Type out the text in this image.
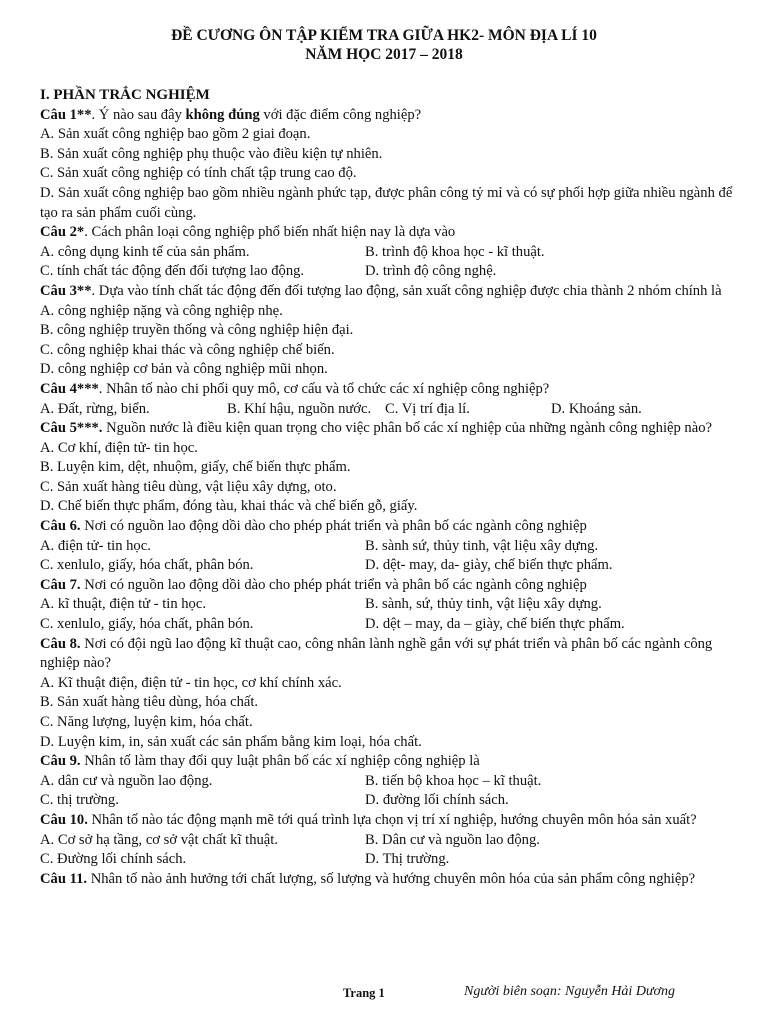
ĐỀ CƯƠNG ÔN TẬP KIỂM TRA GIỮA HK2- MÔN ĐỊA LÍ 10
NĂM HỌC 2017 – 2018
I. PHẦN TRẮC NGHIỆM
Câu 1**. Ý nào sau đây không đúng với đặc điểm công nghiệp?
A. Sản xuất công nghiệp bao gồm 2 giai đoạn.
B. Sản xuất công nghiệp phụ thuộc vào điều kiện tự nhiên.
C. Sản xuất công nghiệp có tính chất tập trung cao độ.
D. Sản xuất công nghiệp bao gồm nhiều ngành phức tạp, được phân công tỷ mỉ và có sự phối hợp giữa nhiều ngành để tạo ra sản phẩm cuối cùng.
Câu 2*. Cách phân loại công nghiệp phổ biến nhất hiện nay là dựa vào
A. công dụng kinh tế của sản phẩm.	B. trình độ khoa học - kĩ thuật.
C. tính chất tác động đến đối tượng lao động.	D. trình độ công nghệ.
Câu 3**. Dựa vào tính chất tác động đến đối tượng lao động, sản xuất công nghiệp được chia thành 2 nhóm chính là
A. công nghiệp nặng và công nghiệp nhẹ.
B. công nghiệp truyền thống và công nghiệp hiện đại.
C. công nghiệp khai thác và công nghiệp chế biến.
D. công nghiệp cơ bản và công nghiệp mũi nhọn.
Câu 4***. Nhân tố nào chi phối quy mô, cơ cấu và tổ chức các xí nghiệp công nghiệp?
A. Đất, rừng, biển.	B. Khí hậu, nguồn nước. C. Vị trí địa lí.	D. Khoáng sản.
Câu 5***. Nguồn nước là điều kiện quan trọng cho việc phân bố các xí nghiệp của những ngành công nghiệp nào?
A. Cơ khí, điện tử- tin học.
B. Luyện kim, dệt, nhuộm, giấy, chế biến thực phẩm.
C. Sản xuất hàng tiêu dùng, vật liệu xây dựng, oto.
D. Chế biến thực phẩm, đóng tàu, khai thác và chế biến gỗ, giấy.
Câu 6. Nơi có nguồn lao động dồi dào cho phép phát triển và phân bố các ngành công nghiệp
A. điện tử- tin học.	B. sành sứ, thủy tinh, vật liệu xây dựng.
C. xenlulo, giấy, hóa chất, phân bón.	D. dệt- may, da- giày, chế biến thực phẩm.
Câu 7. Nơi có nguồn lao động dồi dào cho phép phát triển và phân bố các ngành công nghiệp
A. kĩ thuật, điện tử - tin học.	B. sành, sứ, thủy tinh, vật liệu xây dựng.
C. xenlulo, giấy, hóa chất, phân bón.	D. dệt – may, da – giày, chế biến thực phẩm.
Câu 8. Nơi có đội ngũ lao động kĩ thuật cao, công nhân lành nghề gắn với sự phát triển và phân bố các ngành công nghiệp nào?
A. Kĩ thuật điện, điện tử - tin học, cơ khí chính xác.
B. Sản xuất hàng tiêu dùng, hóa chất.
C. Năng lượng, luyện kim, hóa chất.
D. Luyện kim, in, sản xuất các sản phẩm bằng kim loại, hóa chất.
Câu 9. Nhân tố làm thay đổi quy luật phân bố các xí nghiệp công nghiệp là
A. dân cư và nguồn lao động.	B. tiến bộ khoa học – kĩ thuật.
C. thị trường.	D. đường lối chính sách.
Câu 10. Nhân tố nào tác động mạnh mẽ tới quá trình lựa chọn vị trí xí nghiệp, hướng chuyên môn hóa sản xuất?
A. Cơ sở hạ tầng, cơ sở vật chất kĩ thuật.	B. Dân cư và nguồn lao động.
C. Đường lối chính sách.	D. Thị trường.
Câu 11. Nhân tố nào ảnh hưởng tới chất lượng, số lượng và hướng chuyên môn hóa của sản phẩm công nghiệp?
Trang 1	Người biên soạn: Nguyễn Hải Dương
